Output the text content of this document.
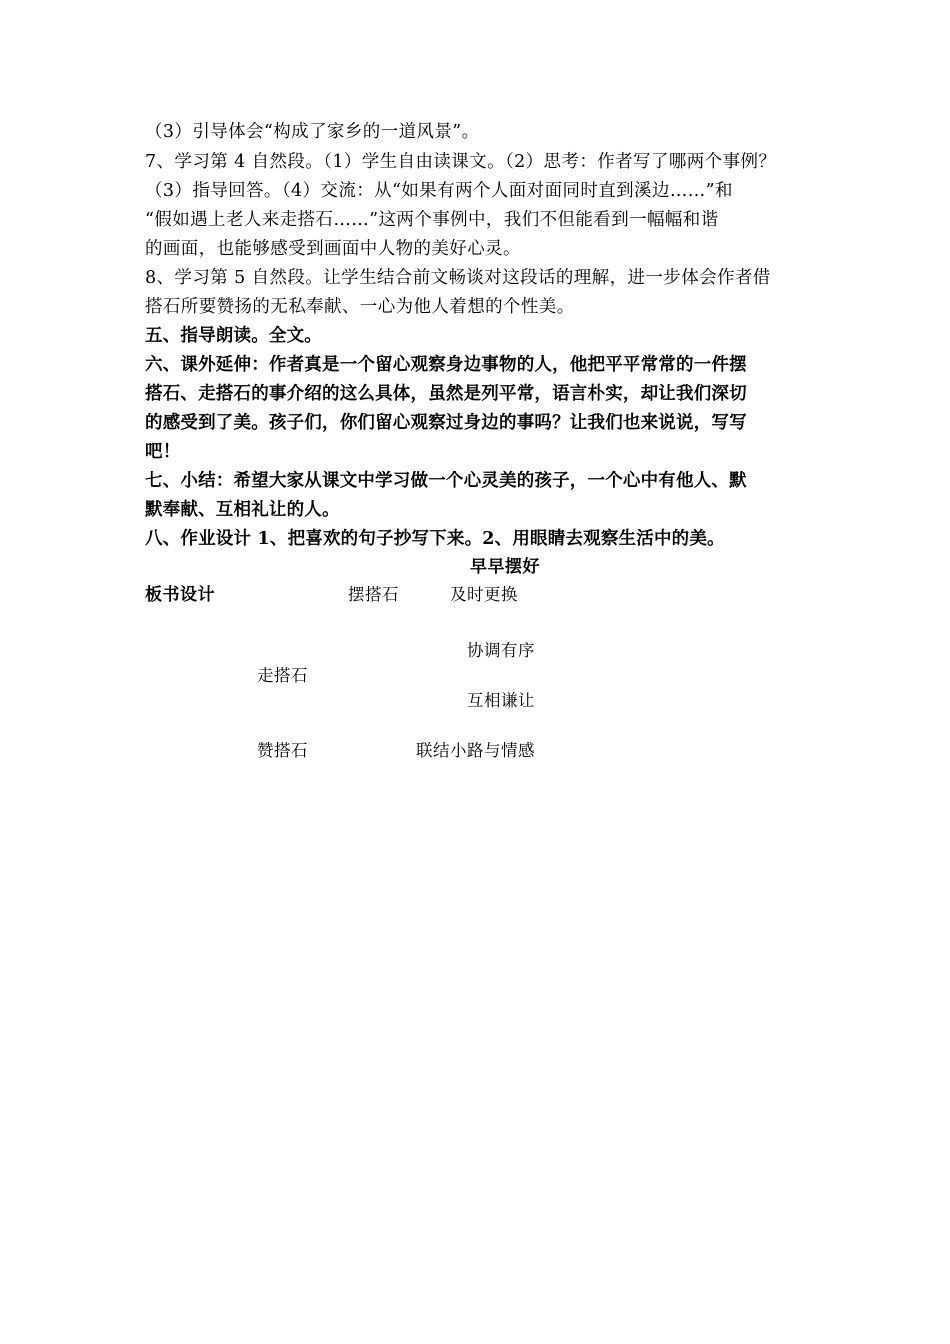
（3）引导体会“构成了家乡的一道风景”。
7、学习第 4 自然段。（1）学生自由读课文。（2）思考：作者写了哪两个事例？
（3）指导回答。（4）交流：从“如果有两个人面对面同时直到溪边……”和
“假如遇上老人来走搭石……”这两个事例中，我们不但能看到一幅幅和谐
的画面，也能够感受到画面中人物的美好心灵。
8、学习第 5 自然段。让学生结合前文畅谈对这段话的理解，进一步体会作者借
搭石所要赞扬的无私奉献、一心为他人着想的个性美。
五、指导朗读。全文。
六、课外延伸：作者真是一个留心观察身边事物的人，他把平平常常的一件摆
搭石、走搭石的事介绍的这么具体，虽然是列平常，语言朴实，却让我们深切
的感受到了美。孩子们，你们留心观察过身边的事吗？让我们也来说说，写写
吧！
七、小结：希望大家从课文中学习做一个心灵美的孩子，一个心中有他人、默
默奉献、互相礼让的人。
八、作业设计 1、把喜欢的句子抄写下来。2、用眼睛去观察生活中的美。
早早摆好
板书设计	摆搭石	及时更换
协调有序
走搭石
互相谦让
赞搭石	联结小路与情感
